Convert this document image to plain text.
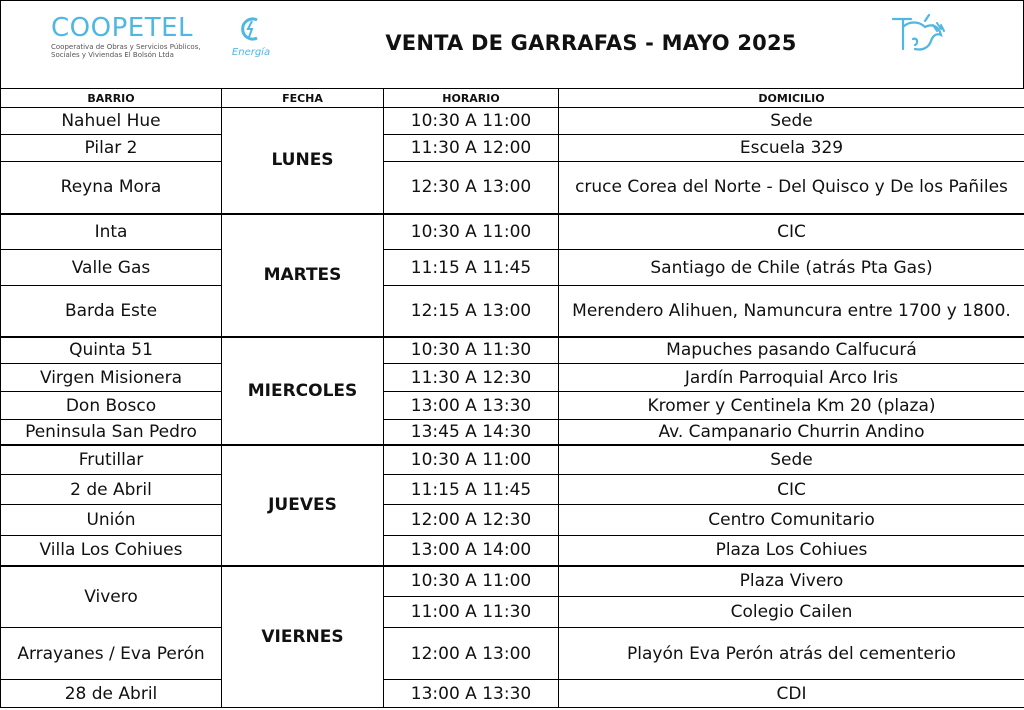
COOPETEL
Cooperativa de Obras y Servicios Públicos, Sociales y Viviendas El Bolsón Ltda	Energía	VENTA DE GARRAFAS - MAYO 2025
BARRIO	FECHA	HORARIO	DOMICILIO
Nahuel Hue	LUNES	10:30 A 11:00	Sede
Pilar 2		11:30 A 12:00	Escuela 329
Reyna Mora		12:30 A 13:00	cruce Corea del Norte - Del Quisco y De los Pañiles
Inta	MARTES	10:30 A 11:00	CIC
Valle Gas		11:15 A 11:45	Santiago de Chile (atrás Pta Gas)
Barda Este		12:15 A 13:00	Merendero Alihuen, Namuncura entre 1700 y 1800.
Quinta 51	MIERCOLES	10:30 A 11:30	Mapuches pasando Calfucurá
Virgen Misionera		11:30 A 12:30	Jardín Parroquial Arco Iris
Don Bosco		13:00 A 13:30	Kromer y Centinela Km 20 (plaza)
Peninsula San Pedro		13:45 A 14:30	Av. Campanario Churrin Andino
Frutillar	JUEVES	10:30 A 11:00	Sede
2 de Abril		11:15 A 11:45	CIC
Unión		12:00 A 12:30	Centro Comunitario
Villa Los Cohiues		13:00 A 14:00	Plaza Los Cohiues
Vivero	VIERNES	10:30 A 11:00	Plaza Vivero
		11:00 A 11:30	Colegio Cailen
Arrayanes / Eva Perón		12:00 A 13:00	Playón Eva Perón atrás del cementerio
28 de Abril		13:00 A 13:30	CDI
